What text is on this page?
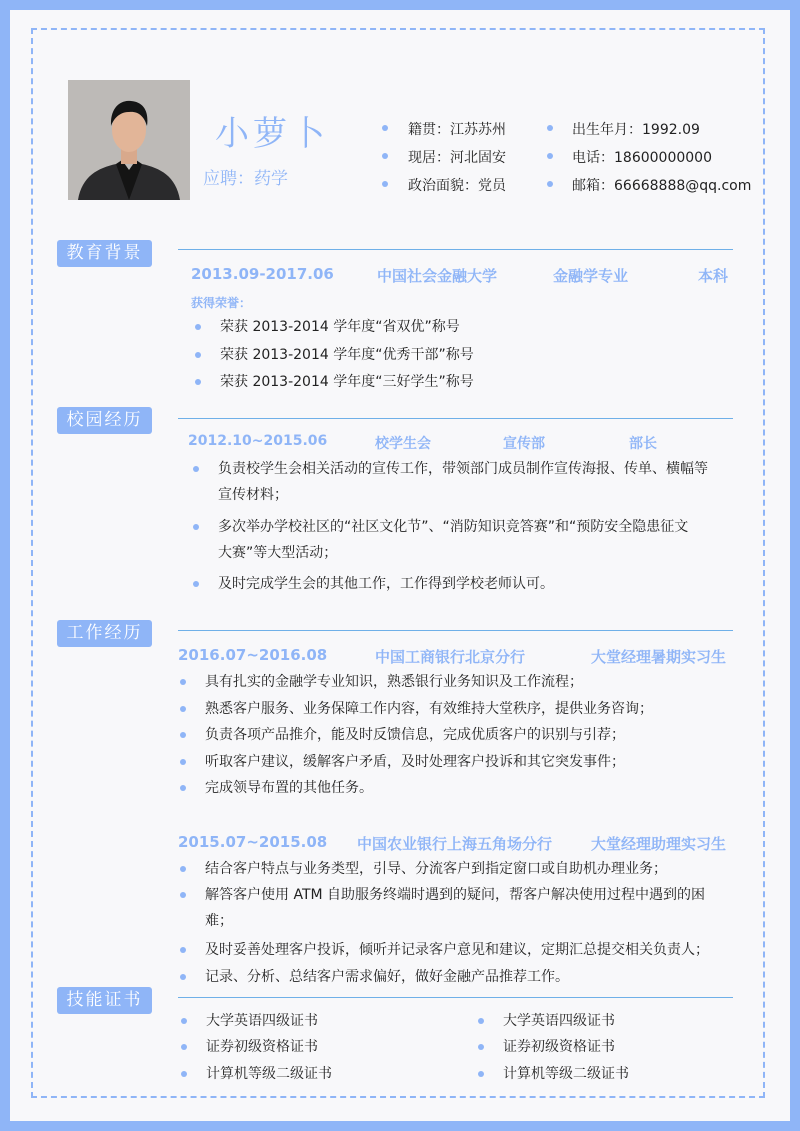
小萝卜
应聘：药学
籍贯：江苏苏州
现居：河北固安
政治面貌：党员
出生年月：1992.09
电话：18600000000
邮箱：66668888@qq.com
教育背景
2013.09-2017.06	中国社会金融大学	金融学专业	本科
获得荣誉：
荣获 2013-2014 学年度“省双优”称号
荣获 2013-2014 学年度“优秀干部”称号
荣获 2013-2014 学年度“三好学生”称号
校园经历
2012.10~2015.06	校学生会	宣传部	部长
负责校学生会相关活动的宣传工作，带领部门成员制作宣传海报、传单、横幅等
宣传材料；
多次举办学校社区的“社区文化节”、“消防知识竞答赛”和“预防安全隐患征文
大赛”等大型活动；
及时完成学生会的其他工作，工作得到学校老师认可。
工作经历
2016.07~2016.08	中国工商银行北京分行	大堂经理暑期实习生
具有扎实的金融学专业知识，熟悉银行业务知识及工作流程；
熟悉客户服务、业务保障工作内容，有效维持大堂秩序，提供业务咨询；
负责各项产品推介，能及时反馈信息，完成优质客户的识别与引荐；
听取客户建议，缓解客户矛盾，及时处理客户投诉和其它突发事件；
完成领导布置的其他任务。
2015.07~2015.08 中国农业银行上海五角场分行	大堂经理助理实习生
结合客户特点与业务类型，引导、分流客户到指定窗口或自助机办理业务；
解答客户使用 ATM 自助服务终端时遇到的疑问，帮客户解决使用过程中遇到的困
难；
及时妥善处理客户投诉，倾听并记录客户意见和建议，定期汇总提交相关负责人；
记录、分析、总结客户需求偏好，做好金融产品推荐工作。
技能证书
大学英语四级证书
证券初级资格证书
计算机等级二级证书
大学英语四级证书
证券初级资格证书
计算机等级二级证书
